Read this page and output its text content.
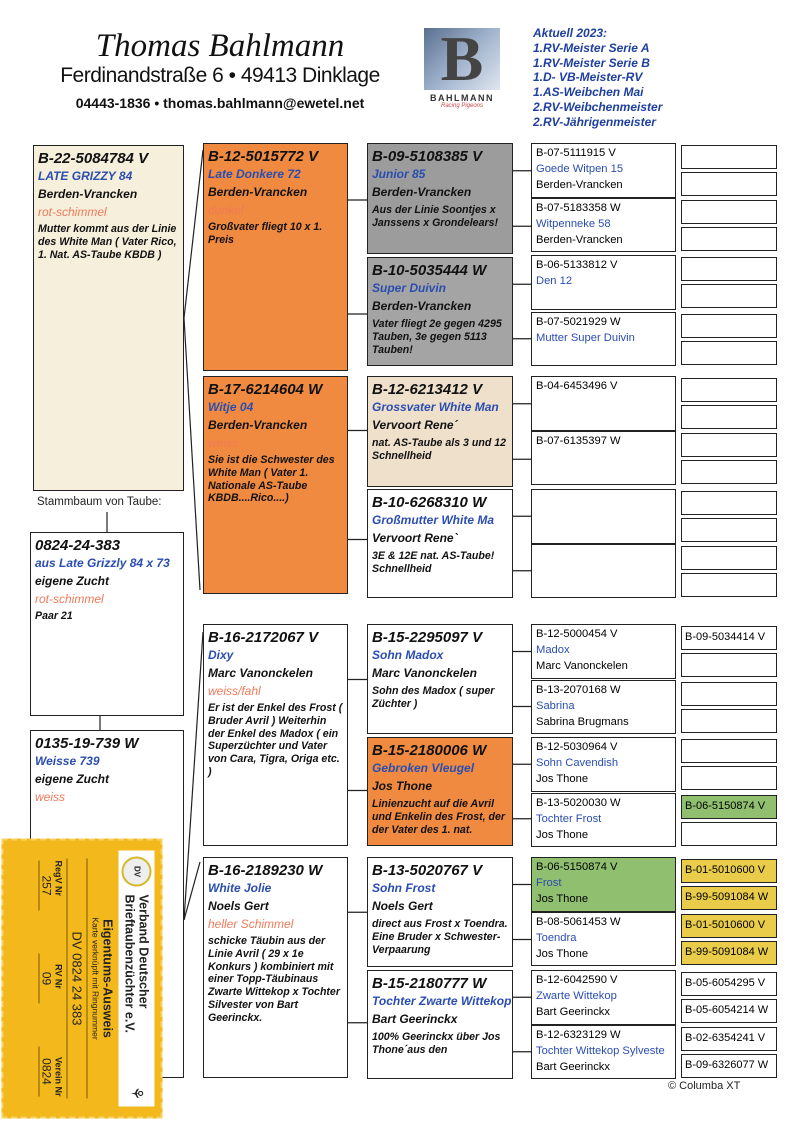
Thomas Bahlmann
Ferdinandstraße 6 • 49413 Dinklage
04443-1836 • thomas.bahlmann@ewetel.net
B
BAHLMANN
Racing Pigeons
Aktuell 2023:
1.RV-Meister Serie A
1.RV-Meister Serie B
1.D- VB-Meister-RV
1.AS-Weibchen Mai
2.RV-Weibchenmeister
2.RV-Jährigenmeister
Stammbaum von Taube:
B-22-5084784 V
LATE GRIZZY 84
Berden-Vrancken
rot-schimmel
Mutter kommt aus der Linie des White Man ( Vater Rico, 1. Nat. AS-Taube KBDB )
0824-24-383
aus Late Grizzly 84 x 73
eigene Zucht
rot-schimmel
Paar 21
0135-19-739 W
Weisse 739
eigene Zucht
weiss
B-12-5015772 V
Late Donkere 72
Berden-Vrancken
dunkel
Großvater fliegt 10 x 1. Preis
B-17-6214604 W
Witje 04
Berden-Vrancken
weiss
Sie ist die Schwester des White Man ( Vater 1. Nationale AS-Taube KBDB....Rico....)
B-16-2172067 V
Dixy
Marc Vanonckelen
weiss/fahl
Er ist der Enkel des Frost ( Bruder Avril ) Weiterhin der Enkel des Madox ( ein Superzüchter und Vater von Cara, Tigra, Origa etc. )
B-16-2189230 W
White Jolie
Noels Gert
heller Schimmel
schicke Täubin aus der Linie Avril ( 29 x 1e Konkurs ) kombiniert mit einer Topp-Täubinaus Zwarte Wittekop x Tochter Silvester von Bart Geerinckx.
B-09-5108385 V
Junior 85
Berden-Vrancken
Aus der Linie Soontjes x Janssens x Grondelears!
B-10-5035444 W
Super Duivin
Berden-Vrancken
Vater fliegt 2e gegen 4295 Tauben, 3e gegen 5113 Tauben!
B-12-6213412 V
Grossvater White Man
Vervoort Rene´
nat. AS-Taube als 3 und 12 Schnellheid
B-10-6268310 W
Großmutter White Ma
Vervoort Rene`
3E & 12E nat. AS-Taube! Schnellheid
B-15-2295097 V
Sohn Madox
Marc Vanonckelen
Sohn des Madox ( super Züchter )
B-15-2180006 W
Gebroken Vleugel
Jos Thone
Linienzucht auf die Avril und Enkelin des Frost, der der Vater des 1. nat.
B-13-5020767 V
Sohn Frost
Noels Gert
direct aus Frost x Toendra. Eine Bruder x Schwester- Verpaarung
B-15-2180777 W
Tochter Zwarte Wittekop
Bart Geerinckx
100% Geerinckx über Jos Thone´aus den
B-07-5111915 V
Goede Witpen 15
Berden-Vrancken
B-07-5183358 W
Witpenneke 58
Berden-Vrancken
B-06-5133812 V
Den 12
B-07-5021929 W
Mutter Super Duivin
B-04-6453496 V
B-07-6135397 W
B-12-5000454 V
Madox
Marc Vanonckelen
B-13-2070168 W
Sabrina
Sabrina Brugmans
B-12-5030964 V
Sohn Cavendish
Jos Thone
B-13-5020030 W
Tochter Frost
Jos Thone
B-06-5150874 V
Frost
Jos Thone
B-08-5061453 W
Toendra
Jos Thone
B-12-6042590 V
Zwarte Wittekop
Bart Geerinckx
B-12-6323129 W
Tochter Wittekop Sylveste
Bart Geerinckx
B-09-5034414 V
B-06-5150874 V
B-01-5010600 V
B-99-5091084 W
B-01-5010600 V
B-99-5091084 W
B-05-6054295 V
B-05-6054214 W
B-02-6354241 V
B-09-6326077 W
DV
Verband Deutscher Brieftaubenzüchter e.V.
⚘
Eigentums-Ausweis
Karte verknüpft mit Ringnummer
DV 0824 24 383
RegV Nr
RV Nr
Verein Nr
257
09
0824
© Columba XT
